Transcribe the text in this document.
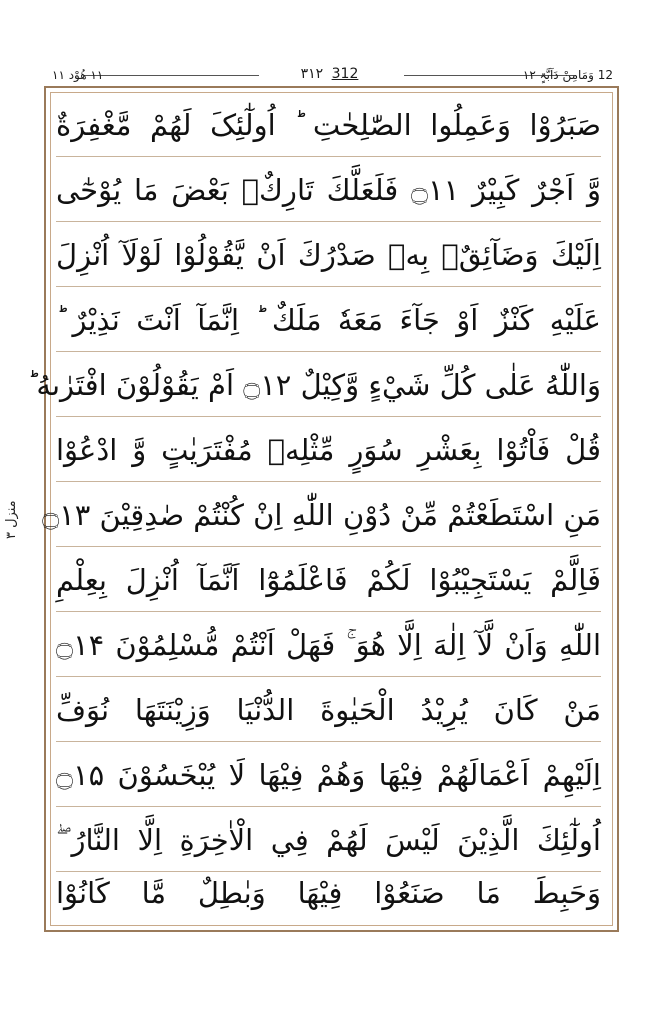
۱۱ هُوْد ۱۱	۳۱۲ 312	12 وَمَامِنْ دَآبَّۃٍ ۱۲
منزل ۳
صَبَرُوْا وَعَمِلُوا الصّٰلِحٰتِ ؕ اُولٰٓئِکَ لَهُمْ مَّغْفِرَةٌ
وَّ اَجْرٌ كَبِيْرٌ ۝۱۱ فَلَعَلَّكَ تَارِكٌۢ بَعْضَ مَا يُوْحٰٓى
اِلَيْكَ وَضَآئِقٌۢ بِهٖ صَدْرُكَ اَنْ يَّقُوْلُوْا لَوْلَآ اُنْزِلَ
عَلَيْهِ كَنْزٌ اَوْ جَآءَ مَعَهٗ مَلَكٌ ؕ اِنَّمَآ اَنْتَ نَذِيْرٌ ؕ
وَاللّٰهُ عَلٰى كُلِّ شَيْءٍ وَّكِيْلٌ ۝۱۲ اَمْ يَقُوْلُوْنَ افْتَرٰىهُ ؕ
قُلْ فَاْتُوْا بِعَشْرِ سُوَرٍ مِّثْلِهٖ مُفْتَرَيٰتٍ وَّ ادْعُوْا
مَنِ اسْتَطَعْتُمْ مِّنْ دُوْنِ اللّٰهِ اِنْ كُنْتُمْ صٰدِقِيْنَ ۝۱۳
فَاِلَّمْ يَسْتَجِيْبُوْا لَكُمْ فَاعْلَمُوْٓا اَنَّمَآ اُنْزِلَ بِعِلْمِ
اللّٰهِ وَاَنْ لَّآ اِلٰهَ اِلَّا هُوَ ۚ فَهَلْ اَنْتُمْ مُّسْلِمُوْنَ ۝۱۴
مَنْ كَانَ يُرِيْدُ الْحَيٰوةَ الدُّنْيَا وَزِيْنَتَهَا نُوَفِّ
اِلَيْهِمْ اَعْمَالَهُمْ فِيْهَا وَهُمْ فِيْهَا لَا يُبْخَسُوْنَ ۝۱۵
اُولٰٓئِكَ الَّذِيْنَ لَيْسَ لَهُمْ فِي الْاٰخِرَةِ اِلَّا النَّارُ ۖ
وَحَبِطَ مَا صَنَعُوْا فِيْهَا وَبٰطِلٌ مَّا كَانُوْا
